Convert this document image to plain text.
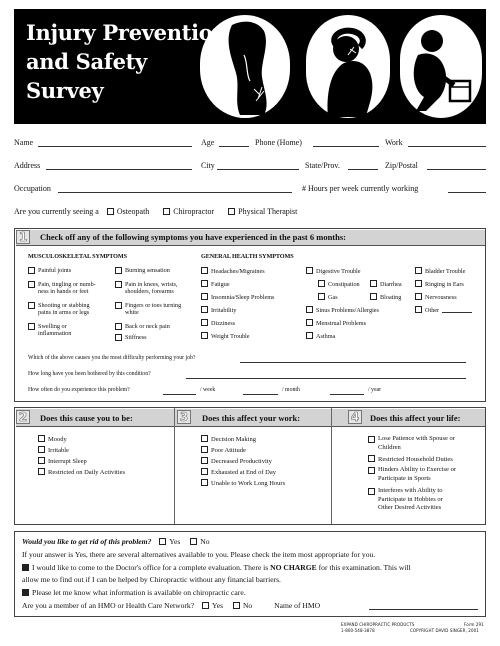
Injury Prevention
and Safety
Survey
Name	Age	Phone (Home)	Work
Address	City	State/Prov.	Zip/Postal
Occupation	# Hours per week currently working
Are you currently seeing a Osteopath	Chiropractor	Physical Therapist
1	Check off any of the following symptoms you have experienced in the past 6 months:
MUSCULOSKELETAL SYMPTOMS	GENERAL HEALTH SYMPTOMS
Painful joints
Pain, tingling or numb-
ness in hands or feet
Shooting or stabbing
pains in arms or legs
Swelling or
inflammation
Burning sensation
Pain in knees, wrists,
shoulders, forearms
Fingers or toes turning
white
Back or neck pain
Stiffness
Headaches/Migraines
Fatigue
Insomnia/Sleep Problems
Irritability
Dizziness
Weight Trouble
Digestive Trouble
Constipation	Diarrhea
Gas	Bloating
Sinus Problems/Allergies
Menstrual Problems
Asthma
Bladder Trouble
Ringing in Ears
Nervousness
Other
Which of the above causes you the most difficulty performing your job?
How long have you been bothered by this condition?
How often do you experience this problem?	/ week	/ month	/ year
2	Does this cause you to be:	3	Does this affect your work:	4	Does this affect your life:
Moody
Irritable
Interrupt Sleep
Restricted on Daily Activities
Decision Making
Poor Attitude
Decreased Productivity
Exhausted at End of Day
Unable to Work Long Hours
Lose Patience with Spouse or
Children
Restricted Household Duties
Hinders Ability to Exercise or
Participate in Sports
Interferes with Ability to
Participate in Hobbies or
Other Desired Activities
Would you like to get rid of this problem? Yes	No
If your answer is Yes, there are several alternatives available to you. Please check the item most appropriate for you.
I would like to come to the Doctor's office for a complete evaluation. There is NO CHARGE for this examination. This will
allow me to find out if I can be helped by Chiropractic without any financial barriers.
Please let me know what information is available on chiropractic care.
Are you a member of an HMO or Health Care Network? Yes	No	Name of HMO
EXPAND CHIROPRACTIC PRODUCTS
1-800-548-3878
Form 291
COPYRIGHT DAVID SINGER, 2001
